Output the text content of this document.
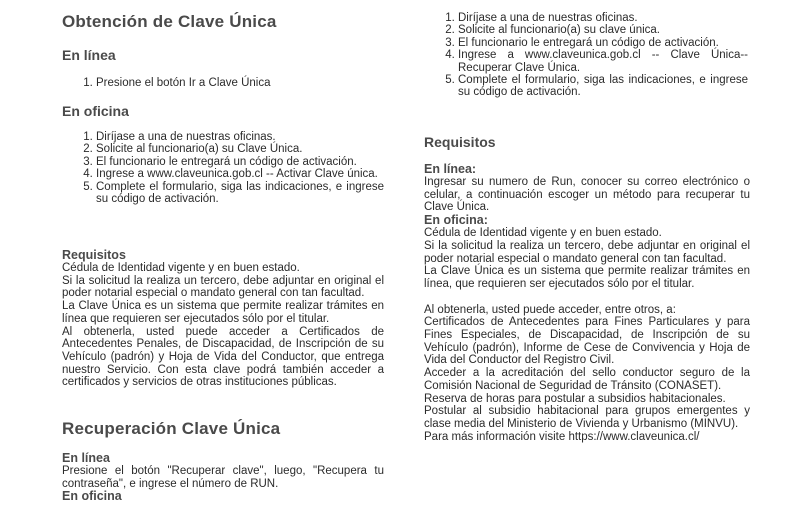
Obtención de Clave Única
En línea
1. Presione el botón Ir a Clave Única
En oficina
1. Diríjase a una de nuestras oficinas.
2. Solicite al funcionario(a) su Clave Única.
3. El funcionario le entregará un código de activación.
4. Ingrese a www.claveunica.gob.cl -- Activar Clave única.
5. Complete el formulario, siga las indicaciones, e ingrese su código de activación.
Requisitos

Cédula de Identidad vigente y en buen estado.

Si la solicitud la realiza un tercero, debe adjuntar en original el poder notarial especial o mandato general con tan facultad.

La Clave Única es un sistema que permite realizar trámites en línea que requieren ser ejecutados sólo por el titular.

Al obtenerla, usted puede acceder a Certificados de Antecedentes Penales, de Discapacidad, de Inscripción de su Vehículo (padrón) y Hoja de Vida del Conductor, que entrega nuestro Servicio. Con esta clave podrá también acceder a certificados y servicios de otras instituciones públicas.

Recuperación Clave Única
En línea

Presione el botón "Recuperar clave", luego, "Recupera tu contraseña", e ingrese el número de RUN.

En oficina
1. Diríjase a una de nuestras oficinas.
2. Solicite al funcionario(a) su clave única.
3. El funcionario le entregará un código de activación.
4. Ingrese a www.claveunica.gob.cl -- Clave Única-- Recuperar Clave Única.
5. Complete el formulario, siga las indicaciones, e ingrese su código de activación.
Requisitos
En línea:

Ingresar su numero de Run, conocer su correo electrónico o celular, a continuación escoger un método para recuperar tu Clave Única.

En oficina:

Cédula de Identidad vigente y en buen estado.

Si la solicitud la realiza un tercero, debe adjuntar en original el poder notarial especial o mandato general con tan facultad.

La Clave Única es un sistema que permite realizar trámites en línea, que requieren ser ejecutados sólo por el titular.

Al obtenerla, usted puede acceder, entre otros, a:

Certificados de Antecedentes para Fines Particulares y para Fines Especiales, de Discapacidad, de Inscripción de su Vehículo (padrón), Informe de Cese de Convivencia y Hoja de Vida del Conductor del Registro Civil.

Acceder a la acreditación del sello conductor seguro de la Comisión Nacional de Seguridad de Tránsito (CONASET).

Reserva de horas para postular a subsidios habitacionales.

Postular al subsidio habitacional para grupos emergentes y clase media del Ministerio de Vivienda y Urbanismo (MINVU).

Para más información visite https://www.claveunica.cl/
